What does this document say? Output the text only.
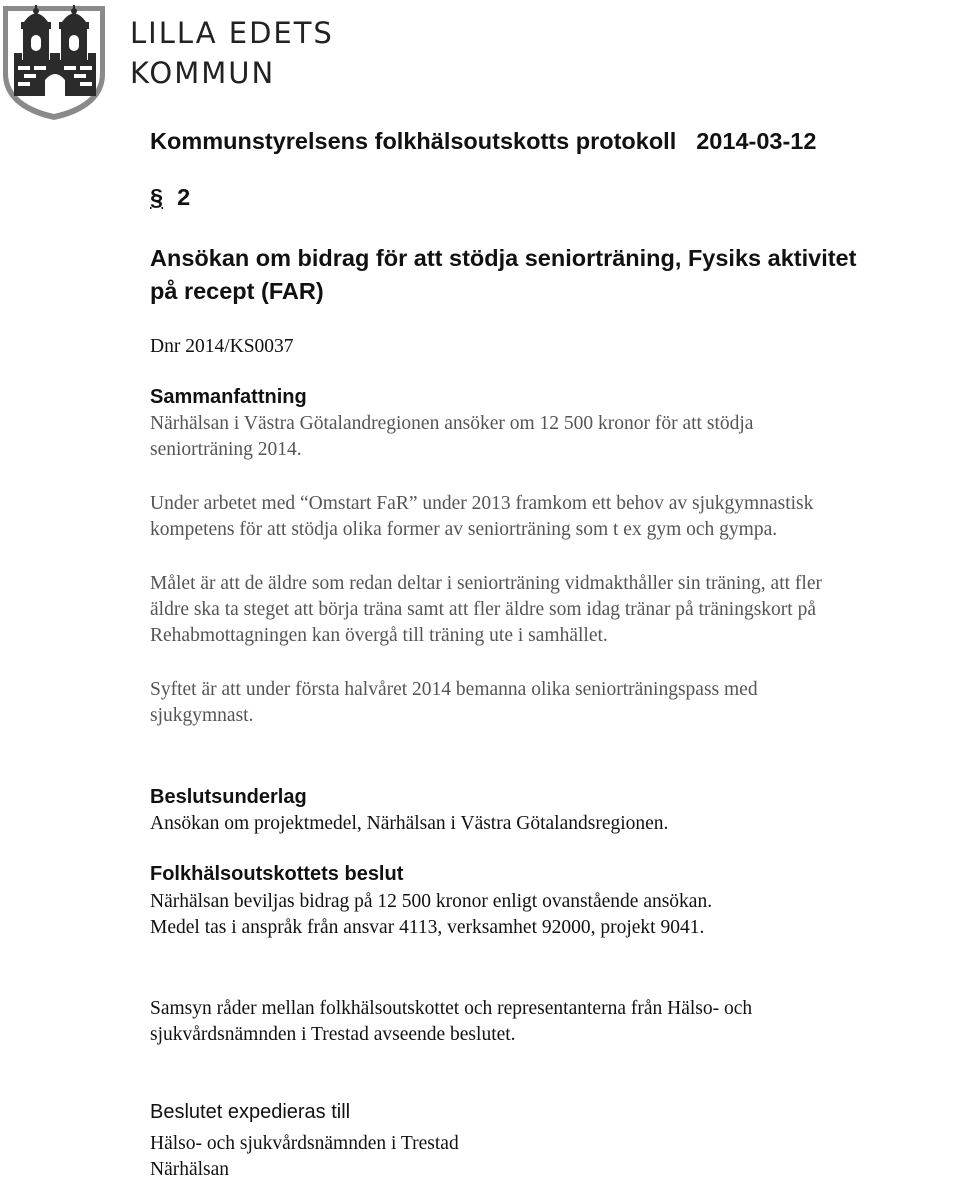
LILLA EDETS
KOMMUN
Kommunstyrelsens folkhälsoutskotts protokoll 2014-03-12
§ 2
Ansökan om bidrag för att stödja seniorträning, Fysiks aktivitet
på recept (FAR)
Dnr 2014/KS0037
Sammanfattning
Närhälsan i Västra Götalandregionen ansöker om 12 500 kronor för att stödja
seniorträning 2014.
Under arbetet med “Omstart FaR” under 2013 framkom ett behov av sjukgymnastisk
kompetens för att stödja olika former av seniorträning som t ex gym och gympa.
Målet är att de äldre som redan deltar i seniorträning vidmakthåller sin träning, att fler
äldre ska ta steget att börja träna samt att fler äldre som idag tränar på träningskort på
Rehabmottagningen kan övergå till träning ute i samhället.
Syftet är att under första halvåret 2014 bemanna olika seniorträningspass med
sjukgymnast.
Beslutsunderlag
Ansökan om projektmedel, Närhälsan i Västra Götalandsregionen.
Folkhälsoutskottets beslut
Närhälsan beviljas bidrag på 12 500 kronor enligt ovanstående ansökan.
Medel tas i anspråk från ansvar 4113, verksamhet 92000, projekt 9041.
Samsyn råder mellan folkhälsoutskottet och representanterna från Hälso- och
sjukvårdsnämnden i Trestad avseende beslutet.
Beslutet expedieras till
Hälso- och sjukvårdsnämnden i Trestad
Närhälsan
